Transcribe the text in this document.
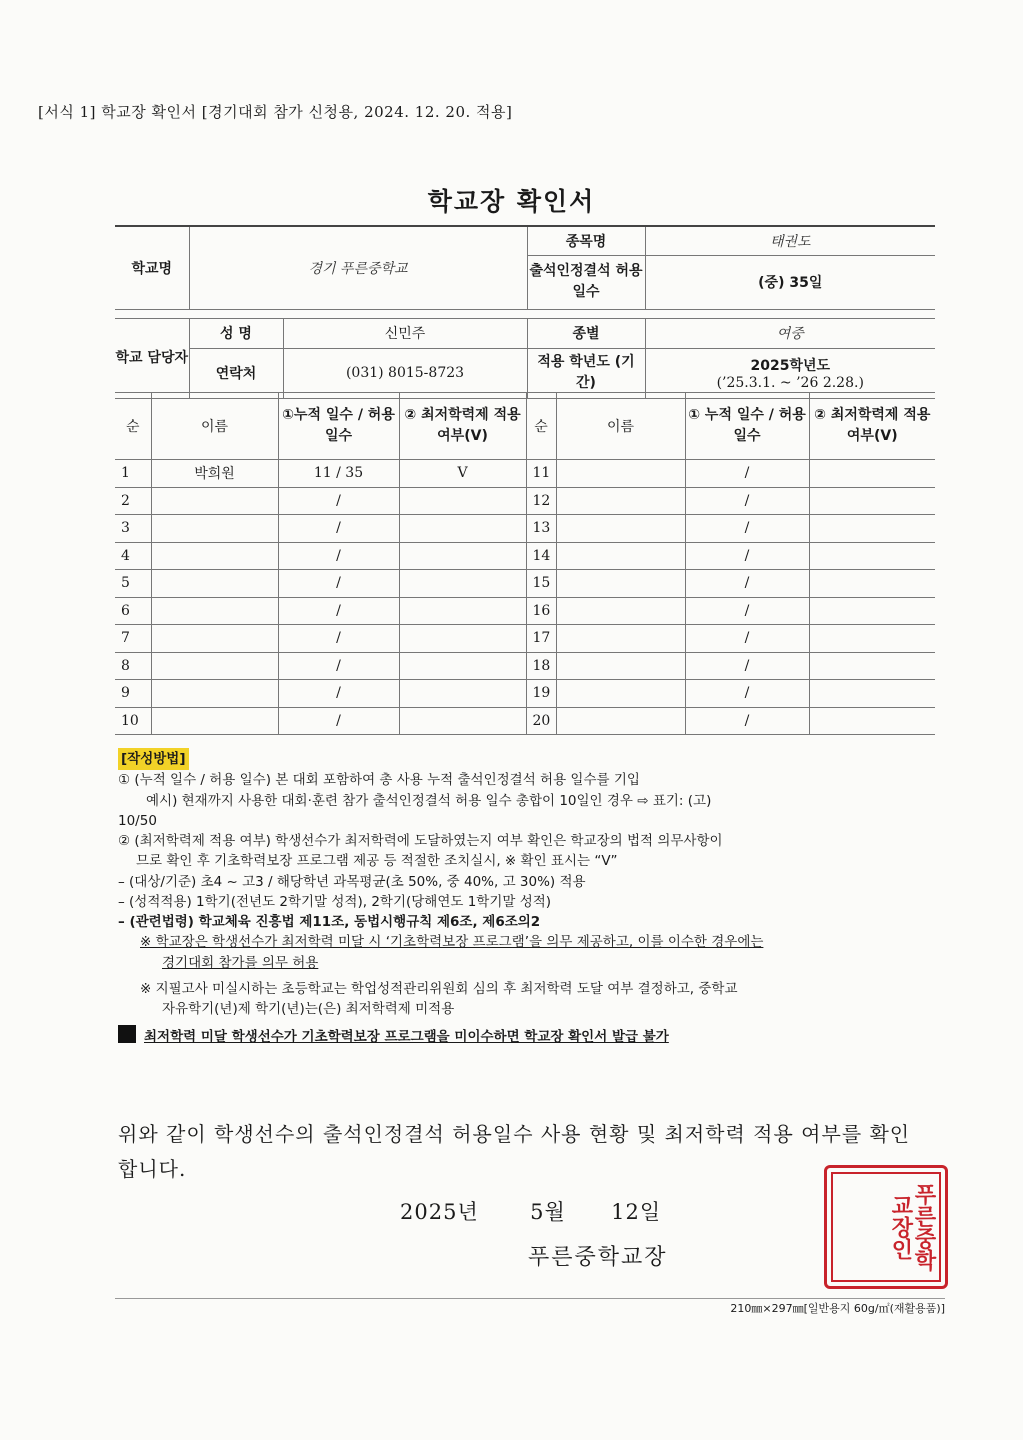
[서식 1] 학교장 확인서 [경기대회 참가 신청용, 2024. 12. 20. 적용]
학교장 확인서
학교명	경기 푸른중학교		종목명	태권도
			출석인정결석 허용 일수	(중) 35일

학교 담당자	성 명	신민주	종별	여중
	연락처	(031) 8015-8723	적용 학년도 (기간)	2025학년도
(’25.3.1. ~ ’26 2.28.)
순	이름	①누적 일수 / 허용 일수	② 최저학력제 적용 여부(V)	순	이름	① 누적 일수 / 허용 일수	② 최저학력제 적용 여부(V)
1	박희원	11 / 35	V	11		/	
2		/		12		/	
3		/		13		/	
4		/		14		/	
5		/		15		/	
6		/		16		/	
7		/		17		/	
8		/		18		/	
9		/		19		/	
10		/		20		/	

[작성방법]

① (누적 일수 / 허용 일수) 본 대회 포함하여 총 사용 누적 출석인정결석 허용 일수를 기입

예시) 현재까지 사용한 대회·훈련 참가 출석인정결석 허용 일수 총합이 10일인 경우 ⇨ 표기: (고)

10/50

② (최저학력제 적용 여부) 학생선수가 최저학력에 도달하였는지 여부 확인은 학교장의 법적 의무사항이

므로 확인 후 기초학력보장 프로그램 제공 등 적절한 조치실시, ※ 확인 표시는 “V”

– (대상/기준) 초4 ~ 고3 / 해당학년 과목평균(초 50%, 중 40%, 고 30%) 적용

– (성적적용) 1학기(전년도 2학기말 성적), 2학기(당해연도 1학기말 성적)

– (관련법령) 학교체육 진흥법 제11조, 동법시행규칙 제6조, 제6조의2

※ 학교장은 학생선수가 최저학력 미달 시 ‘기초학력보장 프로그램’을 의무 제공하고, 이를 이수한 경우에는

경기대회 참가를 의무 허용

※ 지필고사 미실시하는 초등학교는 학업성적관리위원회 심의 후 최저학력 도달 여부 결정하고, 중학교

자유학기(년)제 학기(년)는(은) 최저학력제 미적용

최저학력 미달 학생선수가 기초학력보장 프로그램을 미이수하면 학교장 확인서 발급 불가

위와 같이 학생선수의 출석인정결석 허용일수 사용 현황 및 최저학력 적용 여부를 확인합니다.
2025년 5월 12일
푸른중학교장	푸른중학교장인
210㎜×297㎜[일반용지 60g/㎡(재활용품)]
